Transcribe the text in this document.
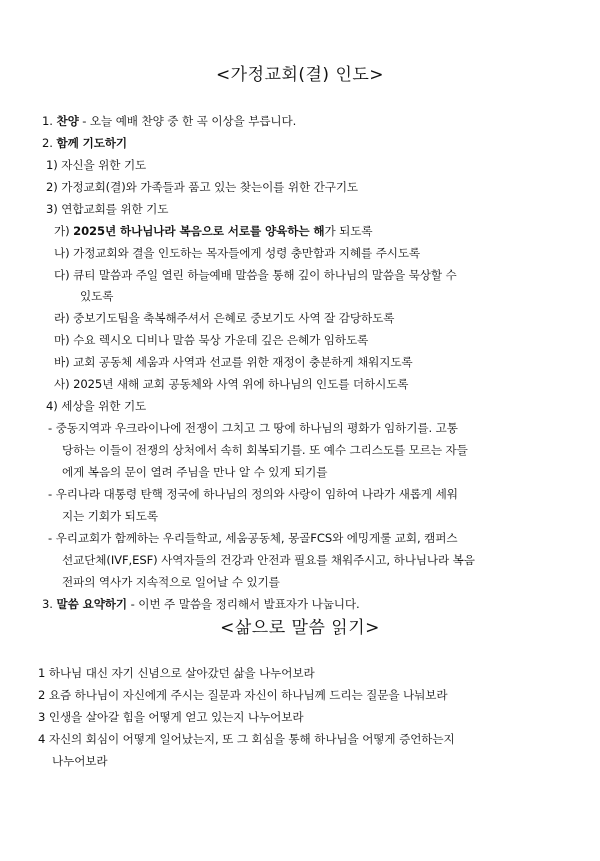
<가정교회(결) 인도>
1. 찬양 - 오늘 예배 찬양 중 한 곡 이상을 부릅니다.
2. 함께 기도하기
1) 자신을 위한 기도
2) 가정교회(결)와 가족들과 품고 있는 찾는이를 위한 간구기도
3) 연합교회를 위한 기도
가) 2025년 하나님나라 복음으로 서로를 양육하는 해가 되도록
나) 가정교회와 결을 인도하는 목자들에게 성령 충만함과 지혜를 주시도록
다) 큐티 말씀과 주일 열린 하늘예배 말씀을 통해 깊이 하나님의 말씀을 묵상할 수
있도록
라) 중보기도팀을 축복해주셔서 은혜로 중보기도 사역 잘 감당하도록
마) 수요 렉시오 디비나 말씀 묵상 가운데 깊은 은혜가 임하도록
바) 교회 공동체 세움과 사역과 선교를 위한 재정이 충분하게 채워지도록
사) 2025년 새해 교회 공동체와 사역 위에 하나님의 인도를 더하시도록
4) 세상을 위한 기도
- 중동지역과 우크라이나에 전쟁이 그치고 그 땅에 하나님의 평화가 임하기를. 고통
당하는 이들이 전쟁의 상처에서 속히 회복되기를. 또 예수 그리스도를 모르는 자들
에게 복음의 문이 열려 주님을 만나 알 수 있게 되기를
- 우리나라 대통령 탄핵 정국에 하나님의 정의와 사랑이 임하여 나라가 새롭게 세워
지는 기회가 되도록
- 우리교회가 함께하는 우리들학교, 세움공동체, 몽골FCS와 에밍게룰 교회, 캠퍼스
선교단체(IVF,ESF) 사역자들의 건강과 안전과 필요를 채워주시고, 하나님나라 복음
전파의 역사가 지속적으로 일어날 수 있기를
3. 말씀 요약하기 - 이번 주 말씀을 정리해서 발표자가 나눕니다.
<삶으로 말씀 읽기>
1 하나님 대신 자기 신념으로 살아갔던 삶을 나누어보라
2 요즘 하나님이 자신에게 주시는 질문과 자신이 하나님께 드리는 질문을 나눠보라
3 인생을 살아갈 힘을 어떻게 얻고 있는지 나누어보라
4 자신의 회심이 어떻게 일어났는지, 또 그 회심을 통해 하나님을 어떻게 증언하는지
나누어보라
